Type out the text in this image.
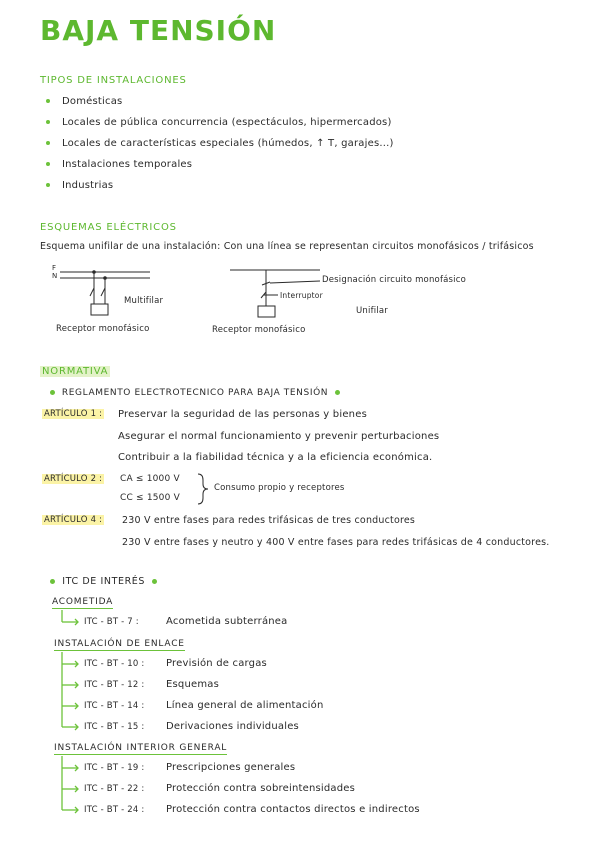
BAJA TENSIÓN
TIPOS DE INSTALACIONES
Domésticas
Locales de pública concurrencia (espectáculos, hipermercados)
Locales de características especiales (húmedos, ↑ T, garajes...)
Instalaciones temporales
Industrias
ESQUEMAS ELÉCTRICOS
Esquema unifilar de una instalación: Con una línea se representan circuitos monofásicos / trifásicos
F
N
Multifilar
Receptor monofásico
Designación circuito monofásico
Interruptor
Unifilar
Receptor monofásico
NORMATIVA
REGLAMENTO ELECTROTECNICO PARA BAJA TENSIÓN
ARTÍCULO 1 : Preservar la seguridad de las personas y bienes
Asegurar el normal funcionamiento y prevenir perturbaciones
Contribuir a la fiabilidad técnica y a la eficiencia económica.
ARTÍCULO 2 : CA ≤ 1000 V
CC ≤ 1500 V
Consumo propio y receptores
ARTÍCULO 4 : 230 V entre fases para redes trifásicas de tres conductores
230 V entre fases y neutro y 400 V entre fases para redes trifásicas de 4 conductores.
ITC DE INTERÉS
ACOMETIDA
ITC - BT - 7 :	Acometida subterránea
INSTALACIÓN DE ENLACE
ITC - BT - 10 : Previsión de cargas
ITC - BT - 12 : Esquemas
ITC - BT - 14 : Línea general de alimentación
ITC - BT - 15 : Derivaciones individuales
INSTALACIÓN INTERIOR GENERAL
ITC - BT - 19 : Prescripciones generales
ITC - BT - 22 : Protección contra sobreintensidades
ITC - BT - 24 : Protección contra contactos directos e indirectos
